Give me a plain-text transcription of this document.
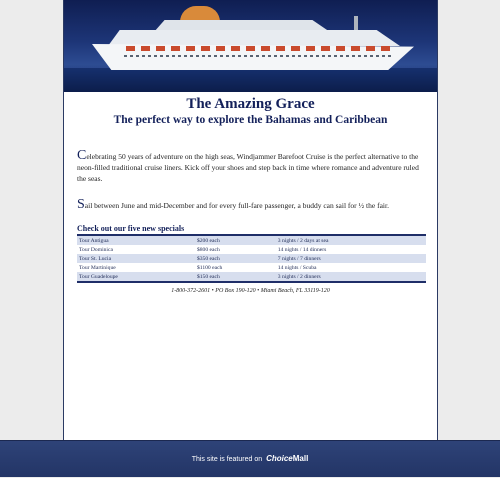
The Amazing Grace
The perfect way to explore the Bahamas and Caribbean

Celebrating 50 years of adventure on the high seas, Windjammer Barefoot Cruise is the perfect alternative to the neon-filled traditional cruise liners. Kick off your shoes and step back in time where romance and adventure ruled the seas.

Sail between June and mid-December and for every full-fare passenger, a buddy can sail for ½ the fair.

Check out our five new specials
Tour Antigua	$200 each	3 nights / 2 days at sea
Tour Dominica	$800 each	14 nights / 14 dinners
Tour St. Lucia	$350 each	7 nights / 7 dinners
Tour Martinique	$1100 each	14 nights / Scuba
Tour Guadeloupe	$150 each	3 nights / 2 dinners
1-800-372-2601 • PO Box 190-120 • Miami Beach, FL 33119-120
This site is featured on ChoiceMall
